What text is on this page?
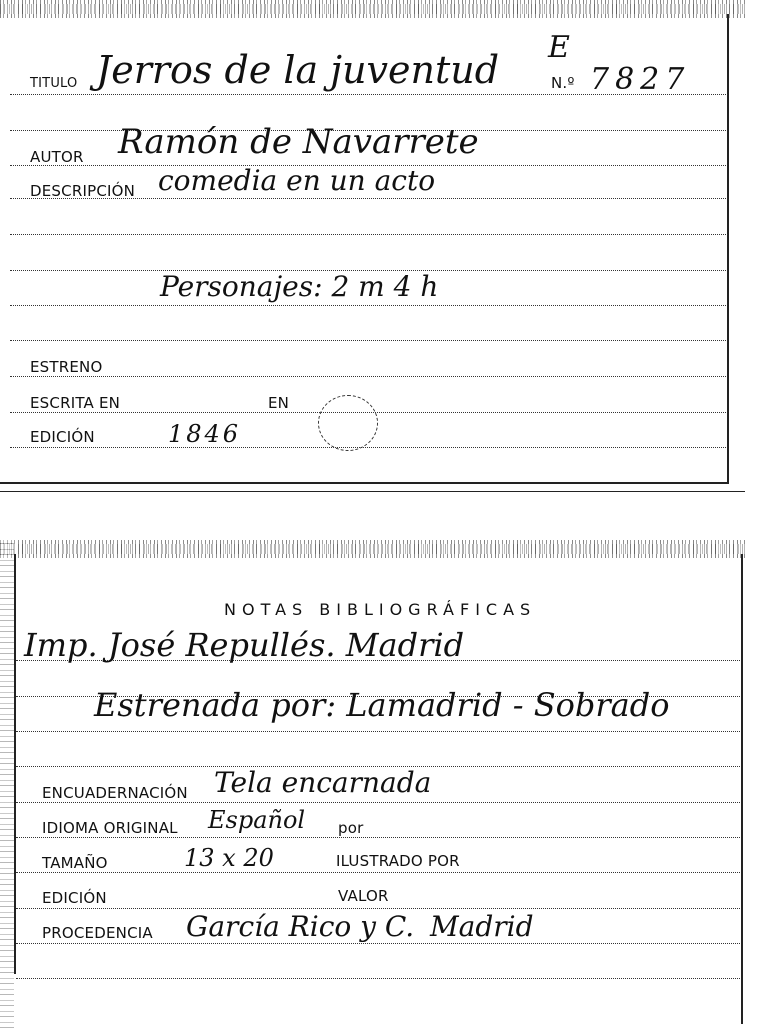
TITULO Jerros de la juventud
E
N.º 7827
AUTOR Ramón de Navarrete
DESCRIPCIÓN comedia en un acto
Personajes: 2 m 4 h
ESTRENO
ESCRITA EN	EN
EDICIÓN	1846
NOTAS BIBLIOGRÁFICAS
Imp. José Repullés. Madrid
Estrenada por: Lamadrid - Sobrado
ENCUADERNACIÓN Tela encarnada
IDIOMA ORIGINAL Español por
TAMAÑO	13 x 20	ILUSTRADO POR
EDICIÓN	VALOR
PROCEDENCIA García Rico y C. Madrid
